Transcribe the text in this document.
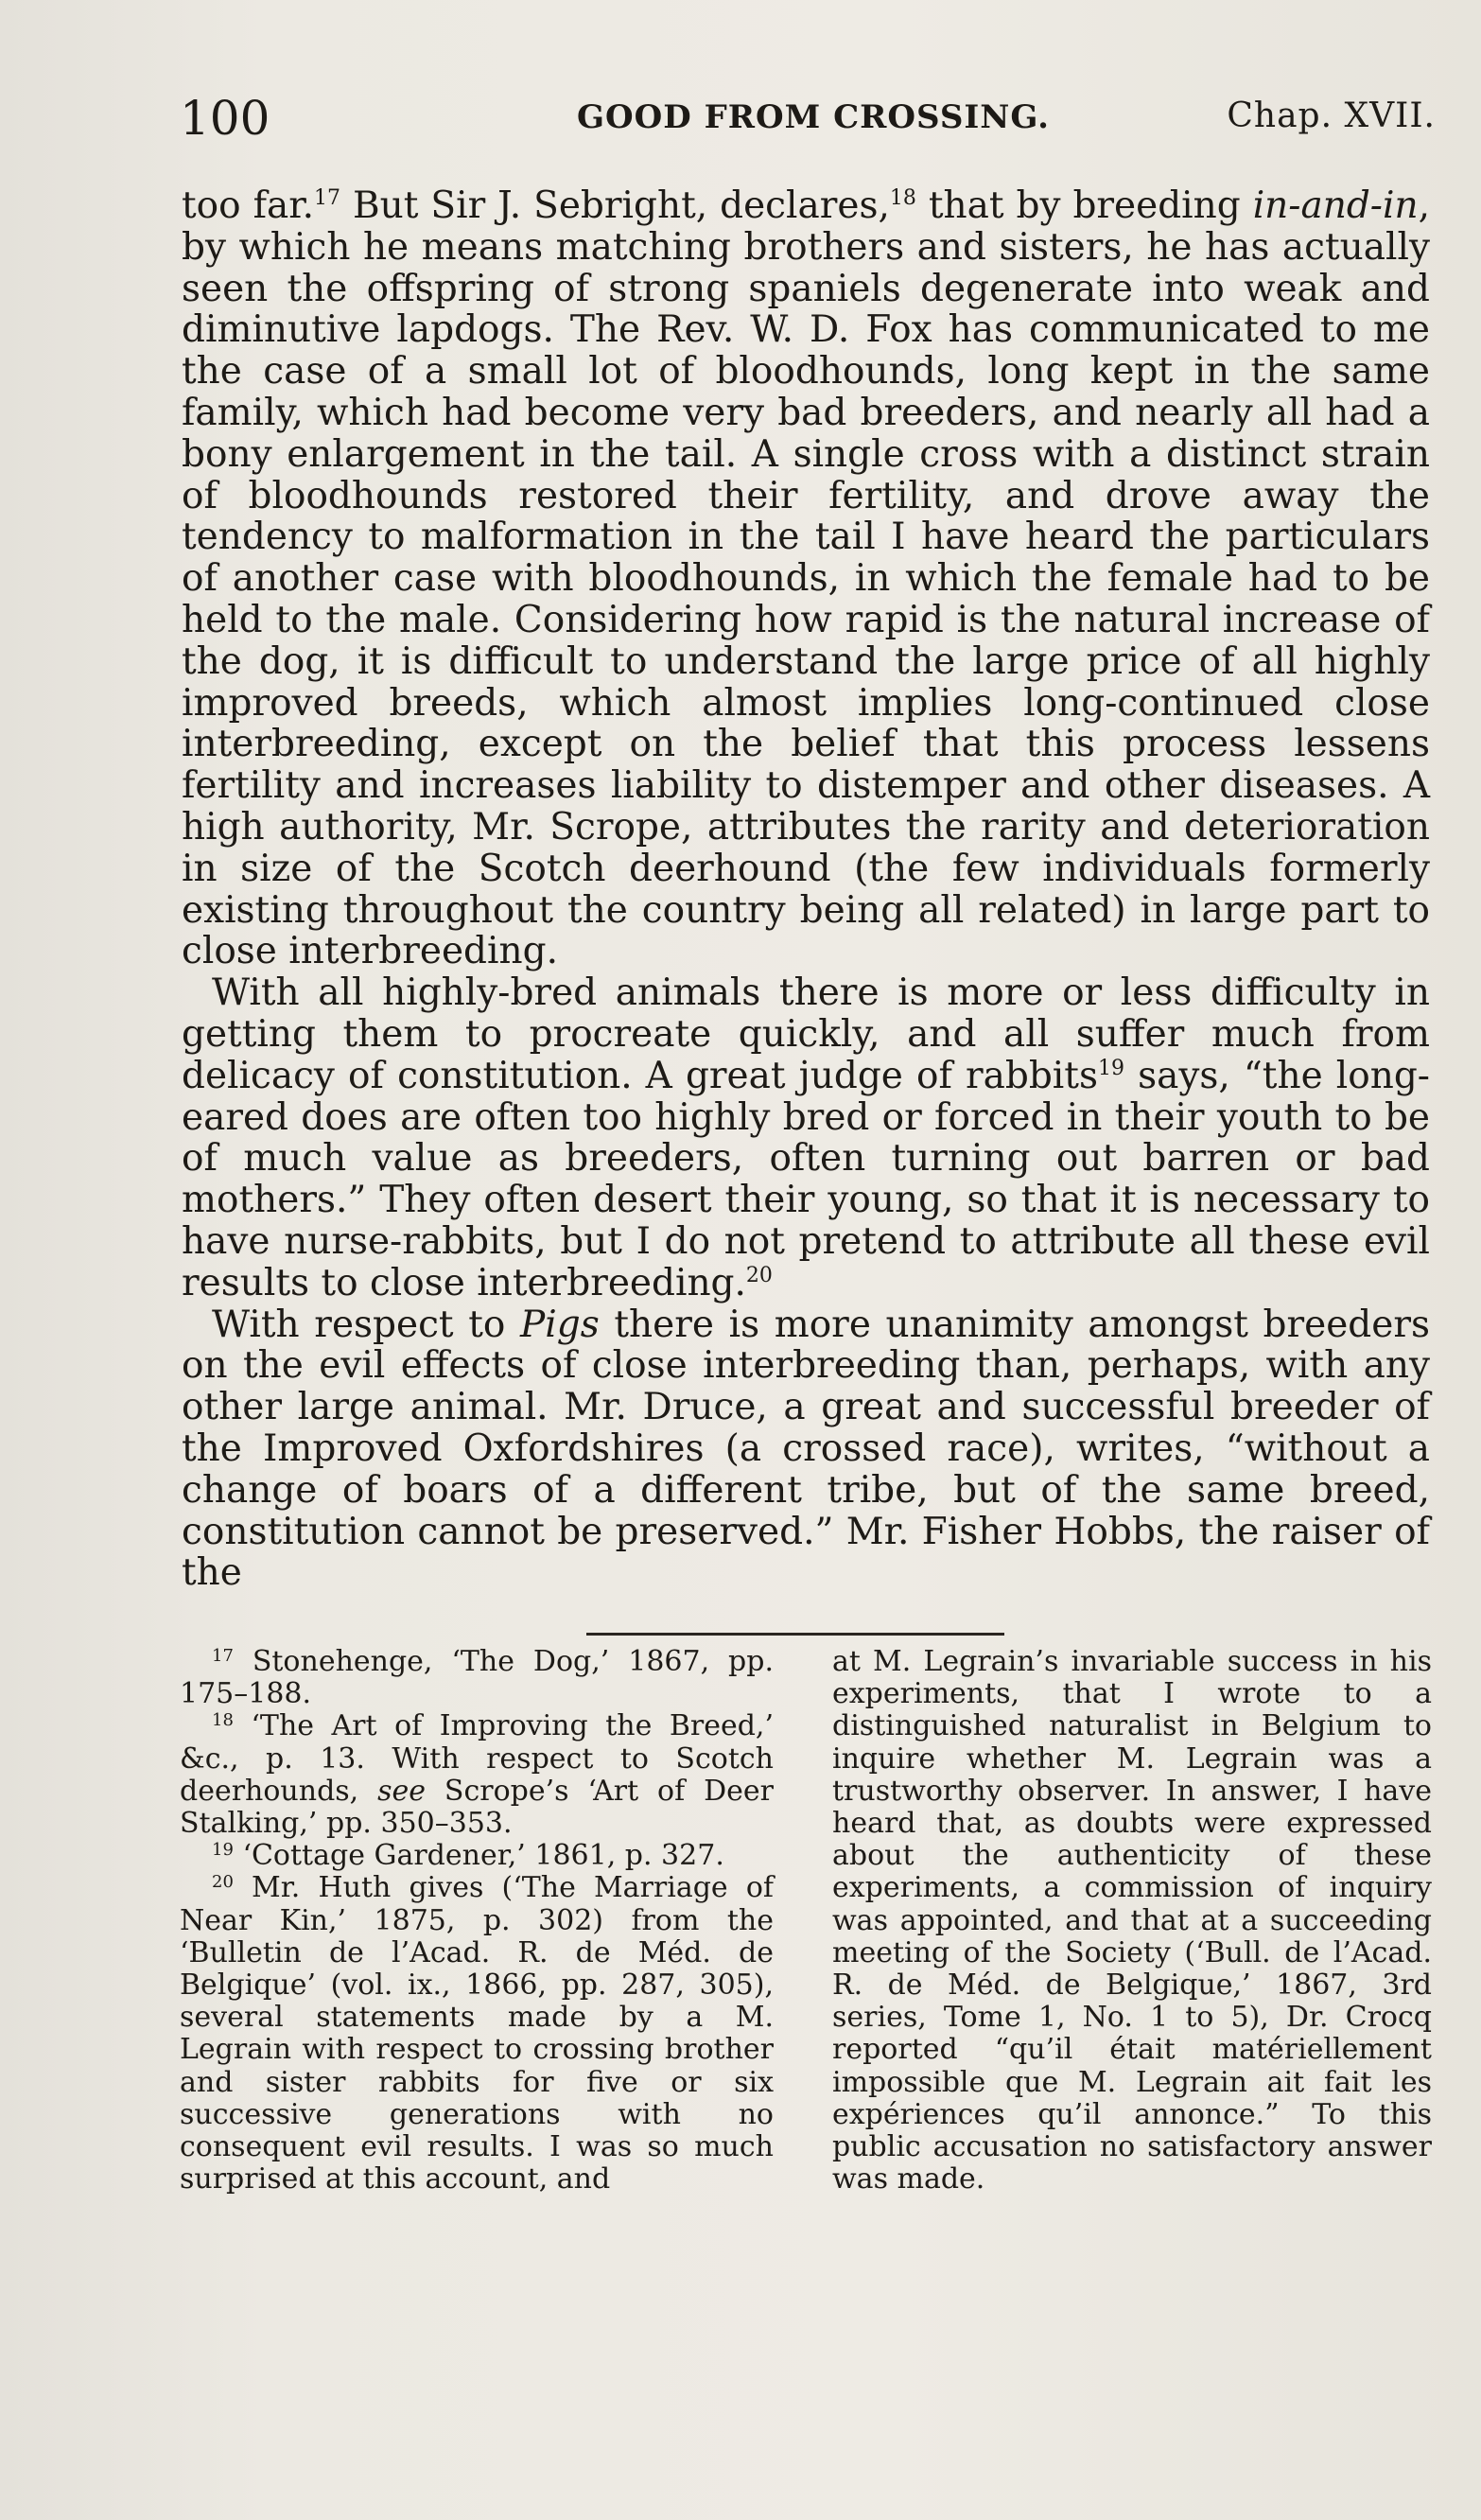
100	GOOD FROM CROSSING.	Chap. XVII.

too far.$^{17}$ But Sir J. Sebright, declares,$^{18}$ that by breeding in-and-in, by which he means matching brothers and sisters, he has actually seen the offspring of strong spaniels degenerate into weak and diminutive lapdogs. The Rev. W. D. Fox has communicated to me the case of a small lot of bloodhounds, long kept in the same family, which had become very bad breeders, and nearly all had a bony enlargement in the tail. A single cross with a distinct strain of bloodhounds restored their fertility, and drove away the tendency to malformation in the tail I have heard the particulars of another case with bloodhounds, in which the female had to be held to the male. Considering how rapid is the natural increase of the dog, it is difficult to understand the large price of all highly improved breeds, which almost implies long-continued close interbreeding, except on the belief that this process lessens fertility and increases liability to distemper and other diseases. A high authority, Mr. Scrope, attributes the rarity and deterioration in size of the Scotch deerhound (the few individuals formerly existing throughout the country being all related) in large part to close interbreeding.

With all highly-bred animals there is more or less difficulty in getting them to procreate quickly, and all suffer much from delicacy of constitution. A great judge of rabbits$^{19}$ says, “the long-eared does are often too highly bred or forced in their youth to be of much value as breeders, often turning out barren or bad mothers.” They often desert their young, so that it is necessary to have nurse-rabbits, but I do not pretend to attribute all these evil results to close interbreeding.$^{20}$

With respect to Pigs there is more unanimity amongst breeders on the evil effects of close interbreeding than, perhaps, with any other large animal. Mr. Druce, a great and successful breeder of the Improved Oxfordshires (a crossed race), writes, “without a change of boars of a different tribe, but of the same breed, constitution cannot be preserved.” Mr. Fisher Hobbs, the raiser of the

$^{17}$ Stonehenge, ‘The Dog,’ 1867, pp. 175–188.

$^{18}$ ‘The Art of Improving the Breed,’ &c., p. 13. With respect to Scotch deerhounds, see Scrope’s ‘Art of Deer Stalking,’ pp. 350–353.

$^{19}$ ‘Cottage Gardener,’ 1861, p. 327.

$^{20}$ Mr. Huth gives (‘The Marriage of Near Kin,’ 1875, p. 302) from the ‘Bulletin de l’Acad. R. de Méd. de Belgique’ (vol. ix., 1866, pp. 287, 305), several statements made by a M. Legrain with respect to crossing brother and sister rabbits for five or six successive generations with no consequent evil results. I was so much surprised at this account, and

at M. Legrain’s invariable success in his experiments, that I wrote to a distinguished naturalist in Belgium to inquire whether M. Legrain was a trustworthy observer. In answer, I have heard that, as doubts were expressed about the authenticity of these experiments, a commission of inquiry was appointed, and that at a succeeding meeting of the Society (‘Bull. de l’Acad. R. de Méd. de Belgique,’ 1867, 3rd series, Tome 1, No. 1 to 5), Dr. Crocq reported “qu’il était matériellement impossible que M. Legrain ait fait les expériences qu’il annonce.” To this public accusation no satisfactory answer was made.
